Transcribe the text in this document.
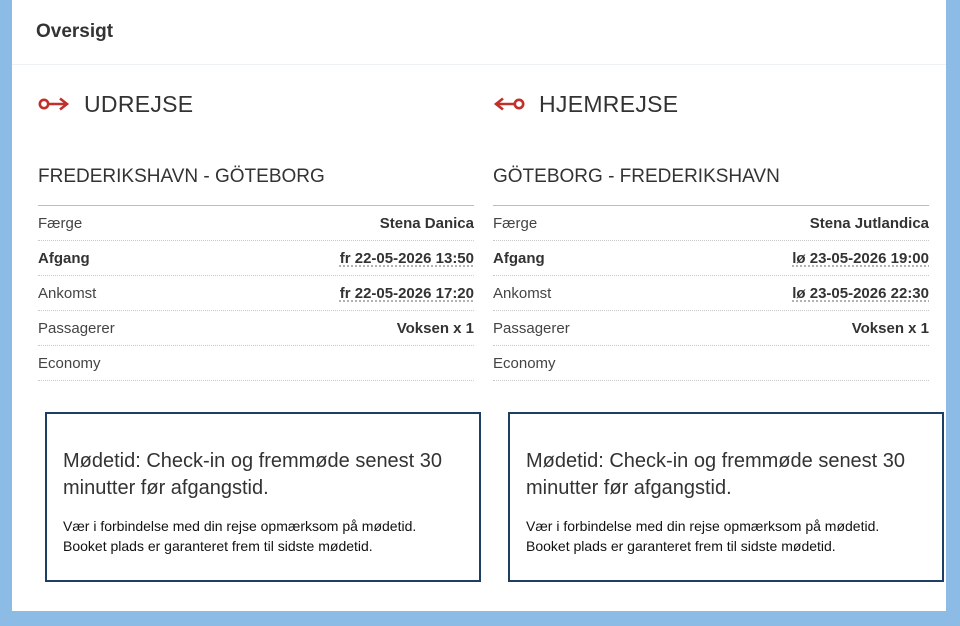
Oversigt
UDREJSE
FREDERIKSHAVN - GÖTEBORG
Færge	Stena Danica
Afgang	fr 22-05-2026 13:50
Ankomst	fr 22-05-2026 17:20
Passagerer	Voksen x 1
Economy
HJEMREJSE
GÖTEBORG - FREDERIKSHAVN
Færge	Stena Jutlandica
Afgang	lø 23-05-2026 19:00
Ankomst	lø 23-05-2026 22:30
Passagerer	Voksen x 1
Economy

Mødetid: Check-in og fremmøde senest 30 minutter før afgangstid.

Vær i forbindelse med din rejse opmærksom på mødetid. Booket plads er garanteret frem til sidste mødetid.

Mødetid: Check-in og fremmøde senest 30 minutter før afgangstid.

Vær i forbindelse med din rejse opmærksom på mødetid. Booket plads er garanteret frem til sidste mødetid.
